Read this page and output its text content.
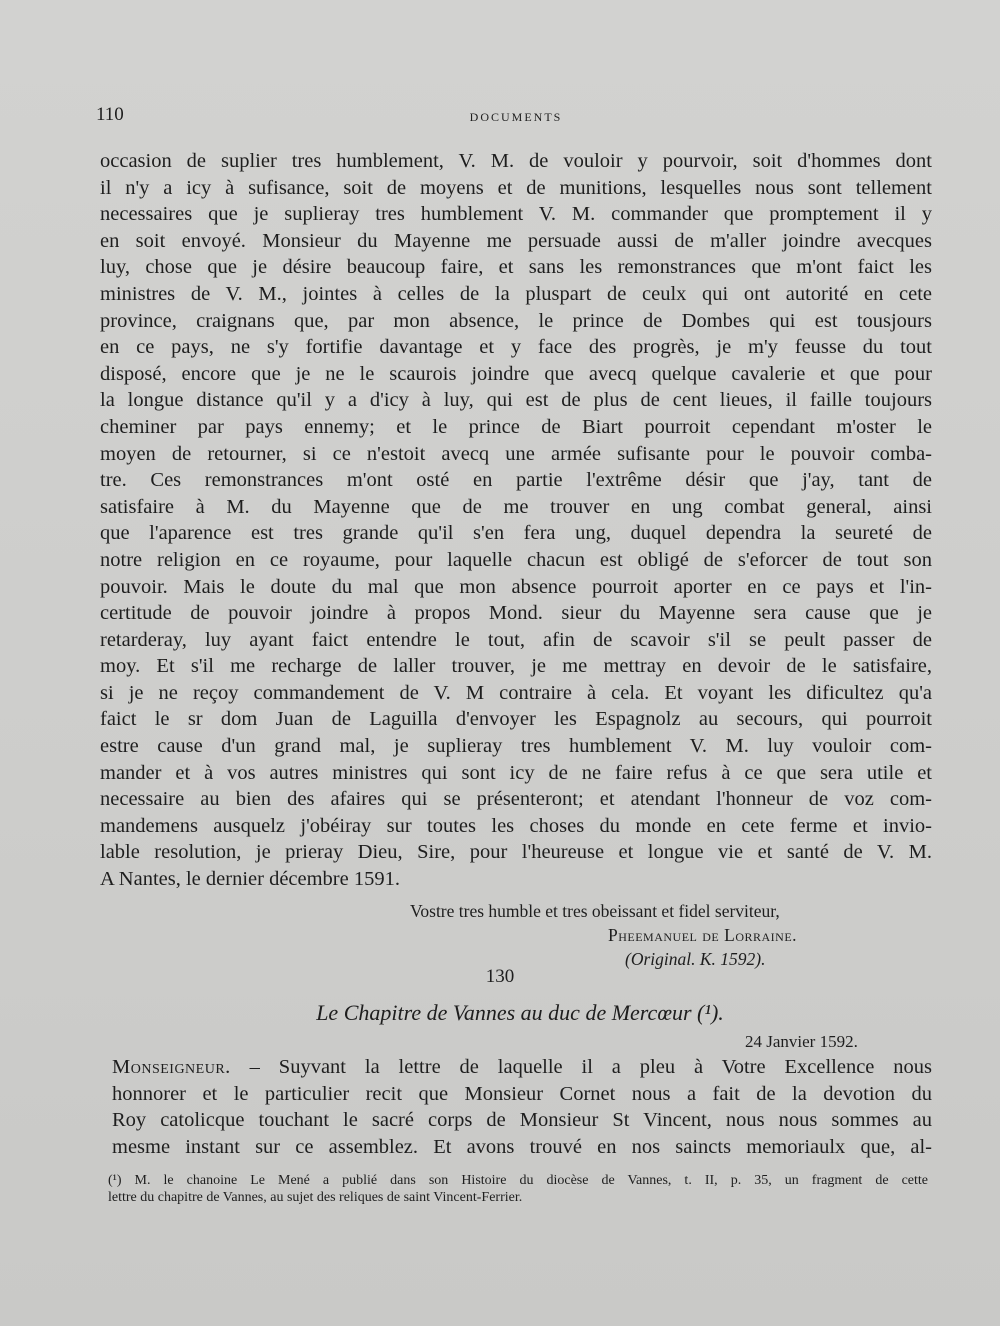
110	DOCUMENTS
occasion de suplier tres humblement, V. M. de vouloir y pourvoir, soit d'hommes dont
il n'y a icy à sufisance, soit de moyens et de munitions, lesquelles nous sont tellement
necessaires que je suplieray tres humblement V. M. commander que promptement il y
en soit envoyé. Monsieur du Mayenne me persuade aussi de m'aller joindre avecques
luy, chose que je désire beaucoup faire, et sans les remonstrances que m'ont faict les
ministres de V. M., jointes à celles de la pluspart de ceulx qui ont autorité en cete
province, craignans que, par mon absence, le prince de Dombes qui est tousjours
en ce pays, ne s'y fortifie davantage et y face des progrès, je m'y feusse du tout
disposé, encore que je ne le scaurois joindre que avecq quelque cavalerie et que pour
la longue distance qu'il y a d'icy à luy, qui est de plus de cent lieues, il faille toujours
cheminer par pays ennemy; et le prince de Biart pourroit cependant m'oster le
moyen de retourner, si ce n'estoit avecq une armée sufisante pour le pouvoir comba-
tre. Ces remonstrances m'ont osté en partie l'extrême désir que j'ay, tant de
satisfaire à M. du Mayenne que de me trouver en ung combat general, ainsi
que l'aparence est tres grande qu'il s'en fera ung, duquel dependra la seureté de
notre religion en ce royaume, pour laquelle chacun est obligé de s'eforcer de tout son
pouvoir. Mais le doute du mal que mon absence pourroit aporter en ce pays et l'in-
certitude de pouvoir joindre à propos Mond. sieur du Mayenne sera cause que je
retarderay, luy ayant faict entendre le tout, afin de scavoir s'il se peult passer de
moy. Et s'il me recharge de laller trouver, je me mettray en devoir de le satisfaire,
si je ne reçoy commandement de V. M contraire à cela. Et voyant les dificultez qu'a
faict le sr dom Juan de Laguilla d'envoyer les Espagnolz au secours, qui pourroit
estre cause d'un grand mal, je suplieray tres humblement V. M. luy vouloir com-
mander et à vos autres ministres qui sont icy de ne faire refus à ce que sera utile et
necessaire au bien des afaires qui se présenteront; et atendant l'honneur de voz com-
mandemens ausquelz j'obéiray sur toutes les choses du monde en cete ferme et invio-
lable resolution, je prieray Dieu, Sire, pour l'heureuse et longue vie et santé de V. M.
A Nantes, le dernier décembre 1591.
Vostre tres humble et tres obeissant et fidel serviteur,
Pheemanuel de Lorraine.
(Original. K. 1592).
130
Le Chapitre de Vannes au duc de Mercœur (¹).
24 Janvier 1592.
Monseigneur. – Suyvant la lettre de laquelle il a pleu à Votre Excellence nous
honnorer et le particulier recit que Monsieur Cornet nous a fait de la devotion du
Roy catolicque touchant le sacré corps de Monsieur St Vincent, nous nous sommes au
mesme instant sur ce assemblez. Et avons trouvé en nos saincts memoriaulx que, al-
(¹) M. le chanoine Le Mené a publié dans son Histoire du diocèse de Vannes, t. II, p. 35, un fragment de cette
lettre du chapitre de Vannes, au sujet des reliques de saint Vincent-Ferrier.
